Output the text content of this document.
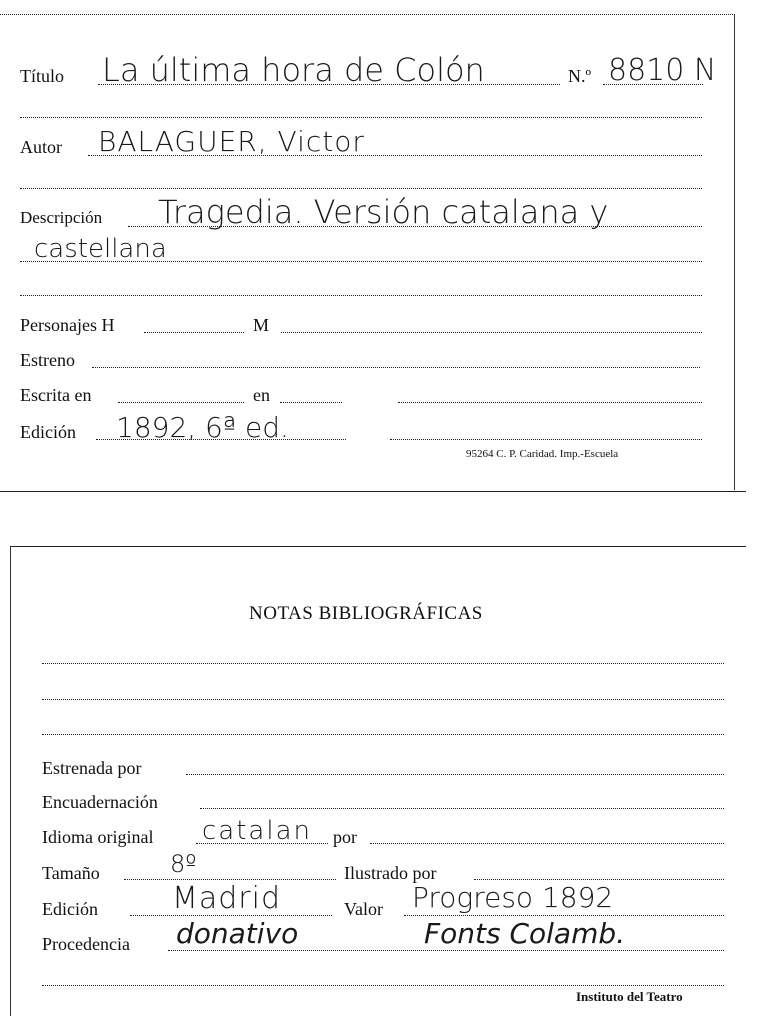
Título La última hora de Colón	N.º 8810 N
Autor BALAGUER, Victor
Descripción Tragedia. Versión catalana y
castellana
Personajes H	M
Estreno
Escrita en	en
Edición 1892, 6ª ed.
95264 C. P. Caridad. Imp.-Escuela
NOTAS BIBLIOGRÁFICAS
Estrenada por
Encuadernación
Idioma original catalan por
Tamaño	8º	Ilustrado por
Edición Madrid	Valor Progreso 1892
Procedencia donativo	Fonts Colamb.
Instituto del Teatro
